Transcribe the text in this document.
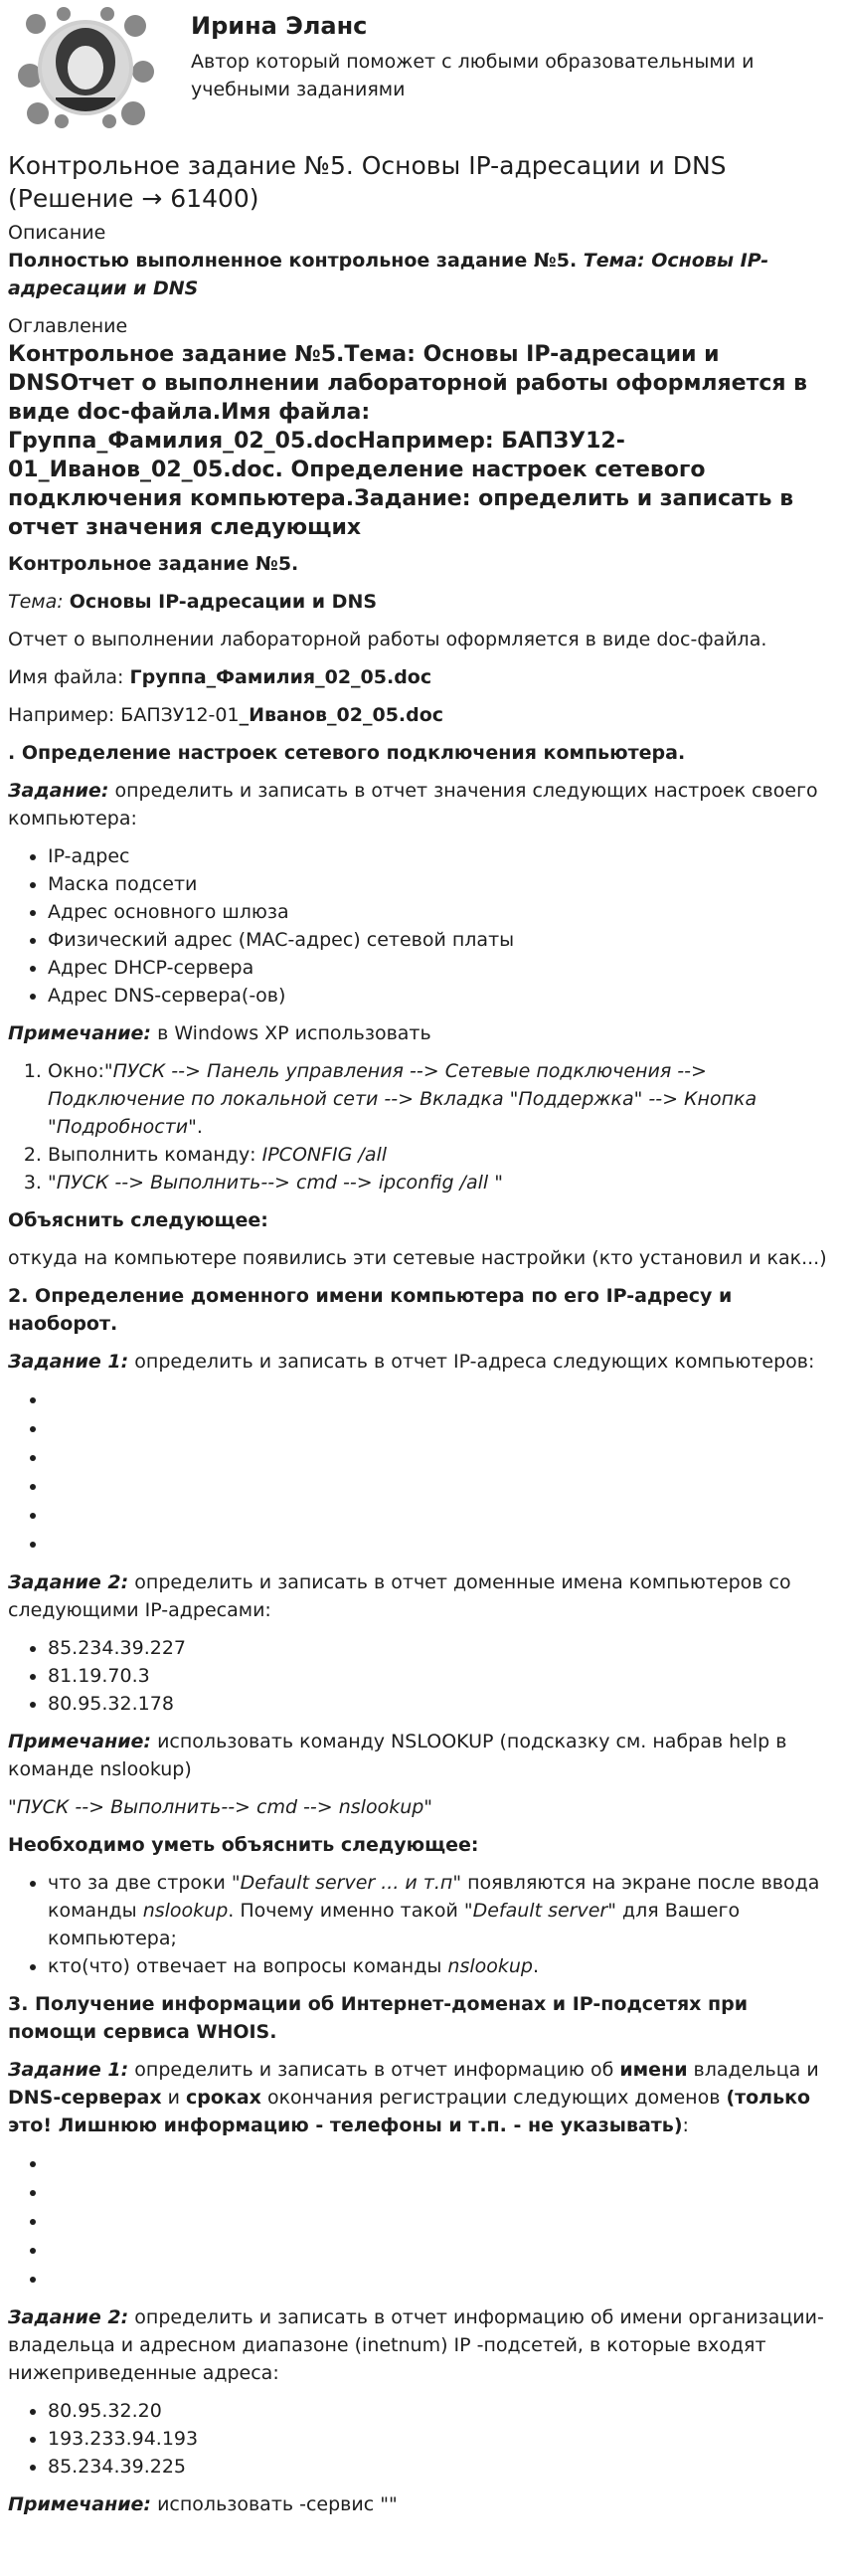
Ирина Эланс
Автор который поможет с любыми образовательными и учебными заданиями
Контрольное задание №5. Основы IP-адресации и DNS (Решение → 61400)
Описание

Полностью выполненное контрольное задание №5. Тема: Основы IP-адресации и DNS

Оглавление
Контрольное задание №5.Тема: Основы IP-адресации и DNSОтчет о выполнении лабораторной работы оформляется в виде doc-файла.Имя файла: Группа_Фамилия_02_05.docНапример: БАПЗУ12-01_Иванов_02_05.doc. Определение настроек сетевого подключения компьютера.Задание: определить и записать в отчет значения следующих

Контрольное задание №5.

Тема: Основы IP-адресации и DNS

Отчет о выполнении лабораторной работы оформляется в виде doc-файла.

Имя файла: Группа_Фамилия_02_05.doc

Например: БАПЗУ12-01_Иванов_02_05.doc

. Определение настроек сетевого подключения компьютера.

Задание: определить и записать в отчет значения следующих настроек своего компьютера:

• IP-адрес
• Маска подсети
• Адрес основного шлюза
• Физический адрес (MAC-адрес) сетевой платы
• Адрес DHCP-сервера
• Адрес DNS-сервера(-ов)

Примечание: в Windows XP использовать

1. Окно:"ПУСК --> Панель управления --> Сетевые подключения --> Подключение по локальной сети --> Вкладка "Поддержка" --> Кнопка "Подробности".
2. Выполнить команду: IPCONFIG /all
3. "ПУСК --> Выполнить--> cmd --> ipconfig /all "

Объяснить следующее:

откуда на компьютере появились эти сетевые настройки (кто установил и как...)

2. Определение доменного имени компьютера по его IP-адресу и наоборот.

Задание 1: определить и записать в отчет IP-адреса следующих компьютеров:

•
•
•
•
•
•

Задание 2: определить и записать в отчет доменные имена компьютеров со следующими IP-адресами:

• 85.234.39.227
• 81.19.70.3
• 80.95.32.178

Примечание: использовать команду NSLOOKUP (подсказку см. набрав help в команде nslookup)

"ПУСК --> Выполнить--> cmd --> nslookup"

Необходимо уметь объяснить следующее:

• что за две строки "Default server ... и т.п" появляются на экране после ввода команды nslookup. Почему именно такой "Default server" для Вашего компьютера;
• кто(что) отвечает на вопросы команды nslookup.

3. Получение информации об Интернет-доменах и IP-подсетях при помощи сервиса WHOIS.

Задание 1: определить и записать в отчет информацию об имени владельца и DNS-серверах и сроках окончания регистрации следующих доменов (только это! Лишнюю информацию - телефоны и т.п. - не указывать):

•
•
•
•
•

Задание 2: определить и записать в отчет информацию об имени организации-владельца и адресном диапазоне (inetnum) IP -подсетей, в которые входят нижеприведенные адреса:

• 80.95.32.20
• 193.233.94.193
• 85.234.39.225

Примечание: использовать -сервис ""
